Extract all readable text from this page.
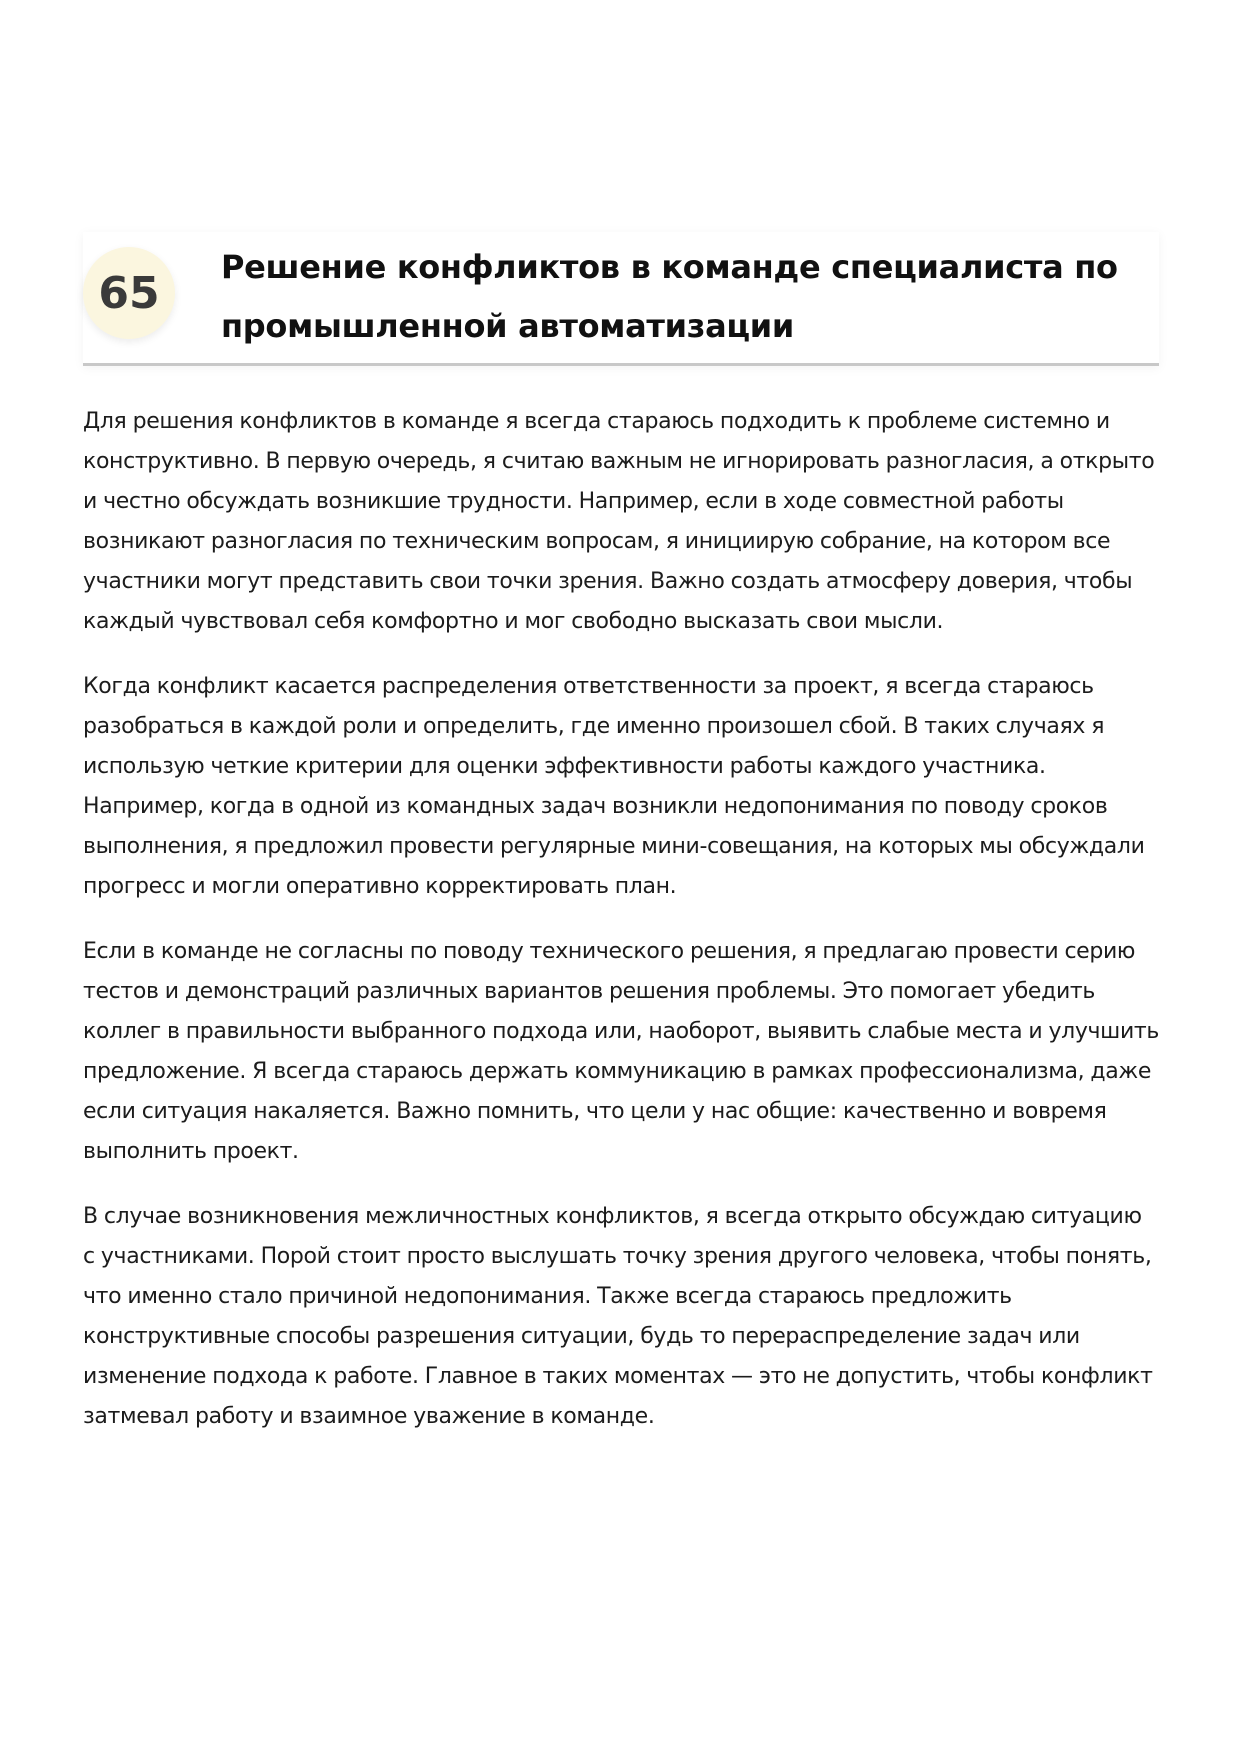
65
Решение конфликтов в команде специалиста по промышленной автоматизации

Для решения конфликтов в команде я всегда стараюсь подходить к проблеме системно и конструктивно. В первую очередь, я считаю важным не игнорировать разногласия, а открыто и честно обсуждать возникшие трудности. Например, если в ходе совместной работы возникают разногласия по техническим вопросам, я инициирую собрание, на котором все участники могут представить свои точки зрения. Важно создать атмосферу доверия, чтобы каждый чувствовал себя комфортно и мог свободно высказать свои мысли.

Когда конфликт касается распределения ответственности за проект, я всегда стараюсь разобраться в каждой роли и определить, где именно произошел сбой. В таких случаях я использую четкие критерии для оценки эффективности работы каждого участника. Например, когда в одной из командных задач возникли недопонимания по поводу сроков выполнения, я предложил провести регулярные мини-совещания, на которых мы обсуждали прогресс и могли оперативно корректировать план.

Если в команде не согласны по поводу технического решения, я предлагаю провести серию тестов и демонстраций различных вариантов решения проблемы. Это помогает убедить коллег в правильности выбранного подхода или, наоборот, выявить слабые места и улучшить предложение. Я всегда стараюсь держать коммуникацию в рамках профессионализма, даже если ситуация накаляется. Важно помнить, что цели у нас общие: качественно и вовремя выполнить проект.

В случае возникновения межличностных конфликтов, я всегда открыто обсуждаю ситуацию с участниками. Порой стоит просто выслушать точку зрения другого человека, чтобы понять, что именно стало причиной недопонимания. Также всегда стараюсь предложить конструктивные способы разрешения ситуации, будь то перераспределение задач или изменение подхода к работе. Главное в таких моментах — это не допустить, чтобы конфликт затмевал работу и взаимное уважение в команде.
